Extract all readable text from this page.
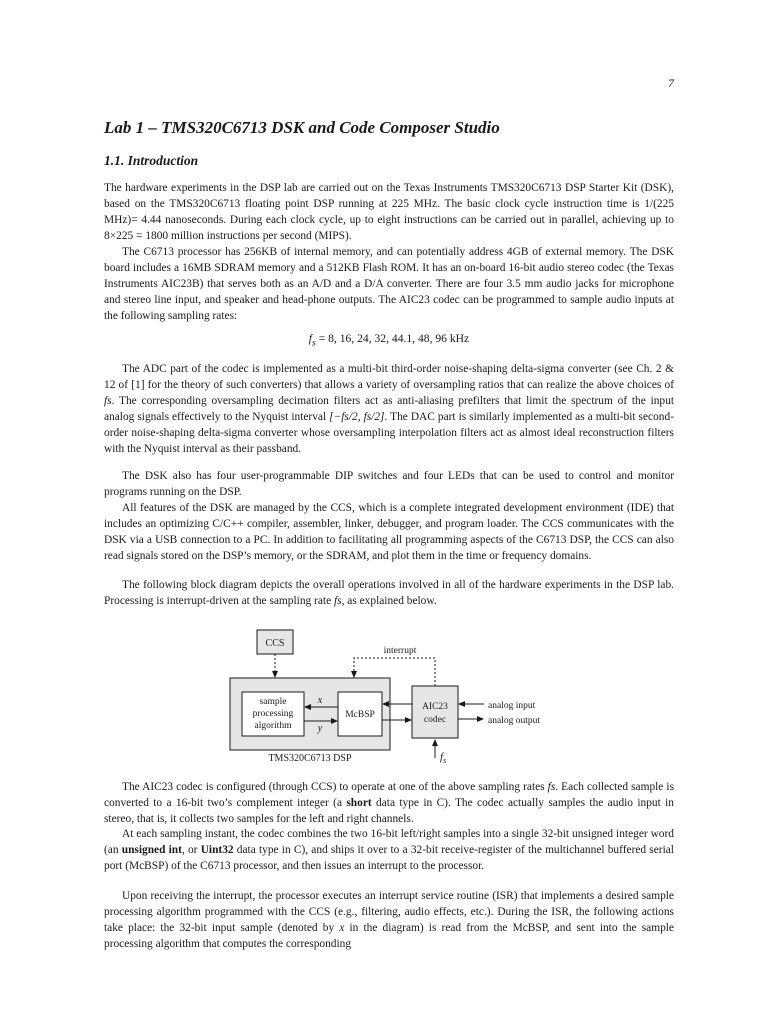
7
Lab 1 – TMS320C6713 DSK and Code Composer Studio
1.1. Introduction

The hardware experiments in the DSP lab are carried out on the Texas Instruments TMS320C6713 DSP Starter Kit (DSK), based on the TMS320C6713 floating point DSP running at 225 MHz. The basic clock cycle instruction time is 1/(225 MHz)= 4.44 nanoseconds. During each clock cycle, up to eight instructions can be carried out in parallel, achieving up to 8×225 = 1800 million instructions per second (MIPS).

The C6713 processor has 256KB of internal memory, and can potentially address 4GB of external memory. The DSK board includes a 16MB SDRAM memory and a 512KB Flash ROM. It has an on-board 16-bit audio stereo codec (the Texas Instruments AIC23B) that serves both as an A/D and a D/A converter. There are four 3.5 mm audio jacks for microphone and stereo line input, and speaker and head-phone outputs. The AIC23 codec can be programmed to sample audio inputs at the following sampling rates:

$f_s = 8$, 16, 24, 32, 44.1, 48, 96 kHz

The ADC part of the codec is implemented as a multi-bit third-order noise-shaping delta-sigma converter (see Ch. 2 & 12 of [1] for the theory of such converters) that allows a variety of oversampling ratios that can realize the above choices of fs. The corresponding oversampling decimation filters act as anti-aliasing prefilters that limit the spectrum of the input analog signals effectively to the Nyquist interval [−fs/2, fs/2]. The DAC part is similarly implemented as a multi-bit second-order noise-shaping delta-sigma converter whose oversampling interpolation filters act as almost ideal reconstruction filters with the Nyquist interval as their passband.

The DSK also has four user-programmable DIP switches and four LEDs that can be used to control and monitor programs running on the DSP.

All features of the DSK are managed by the CCS, which is a complete integrated development environment (IDE) that includes an optimizing C/C++ compiler, assembler, linker, debugger, and program loader. The CCS communicates with the DSK via a USB connection to a PC. In addition to facilitating all programming aspects of the C6713 DSP, the CCS can also read signals stored on the DSP’s memory, or the SDRAM, and plot them in the time or frequency domains.

The following block diagram depicts the overall operations involved in all of the hardware experiments in the DSP lab. Processing is interrupt-driven at the sampling rate fs, as explained below.

The AIC23 codec is configured (through CCS) to operate at one of the above sampling rates fs. Each collected sample is converted to a 16-bit two’s complement integer (a short data type in C). The codec actually samples the audio input in stereo, that is, it collects two samples for the left and right channels.

At each sampling instant, the codec combines the two 16-bit left/right samples into a single 32-bit unsigned integer word (an unsigned int, or Uint32 data type in C), and ships it over to a 32-bit receive-register of the multichannel buffered serial port (McBSP) of the C6713 processor, and then issues an interrupt to the processor.

Upon receiving the interrupt, the processor executes an interrupt service routine (ISR) that implements a desired sample processing algorithm programmed with the CCS (e.g., filtering, audio effects, etc.). During the ISR, the following actions take place: the 32-bit input sample (denoted by x in the diagram) is read from the McBSP, and sent into the sample processing algorithm that computes the corresponding

CCS
sample
processing
algorithm
McBSP
x
y
AIC23
codec
interrupt
analog input
analog output
$f_s$
TMS320C6713 DSP
